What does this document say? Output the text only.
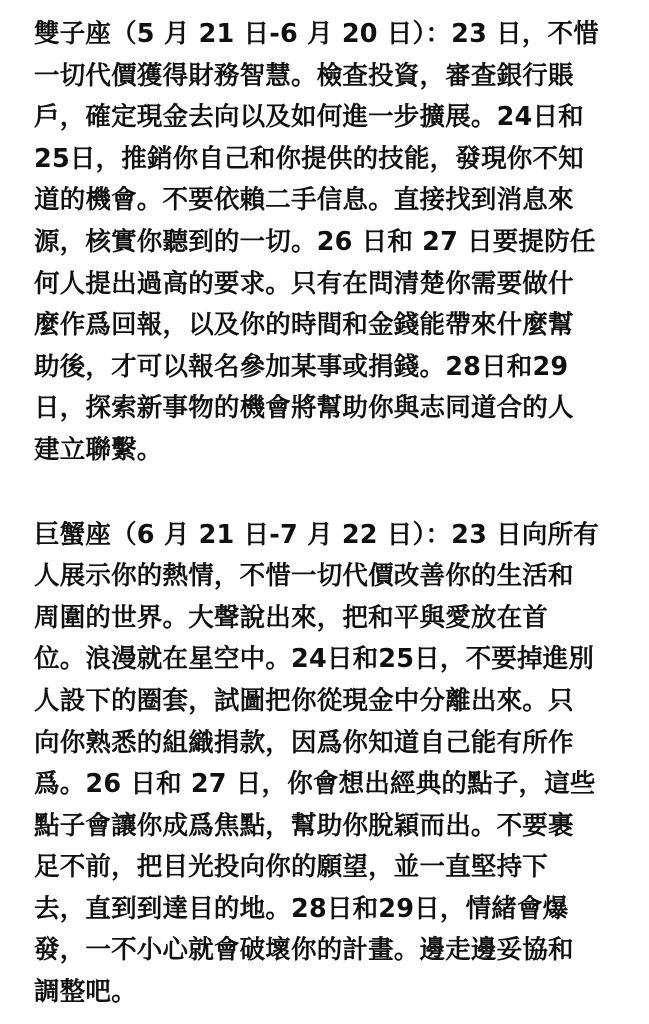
雙子座（5 月 21 日-6 月 20 日）：23 日，不惜
一切代價獲得財務智慧。檢查投資，審查銀行賬
戶，確定現金去向以及如何進一步擴展。24日和
25日，推銷你自己和你提供的技能，發現你不知
道的機會。不要依賴二手信息。直接找到消息來
源，核實你聽到的一切。26 日和 27 日要提防任
何人提出過高的要求。只有在問清楚你需要做什
麼作爲回報，以及你的時間和金錢能帶來什麼幫
助後，才可以報名參加某事或捐錢。28日和29
日，探索新事物的機會將幫助你與志同道合的人
建立聯繫。
巨蟹座（6 月 21 日-7 月 22 日）：23 日向所有
人展示你的熱情，不惜一切代價改善你的生活和
周圍的世界。大聲說出來，把和平與愛放在首
位。浪漫就在星空中。24日和25日，不要掉進別
人設下的圈套，試圖把你從現金中分離出來。只
向你熟悉的組織捐款，因爲你知道自己能有所作
爲。26 日和 27 日，你會想出經典的點子，這些
點子會讓你成爲焦點，幫助你脫穎而出。不要裹
足不前，把目光投向你的願望，並一直堅持下
去，直到到達目的地。28日和29日，情緒會爆
發，一不小心就會破壞你的計畫。邊走邊妥協和
調整吧。
